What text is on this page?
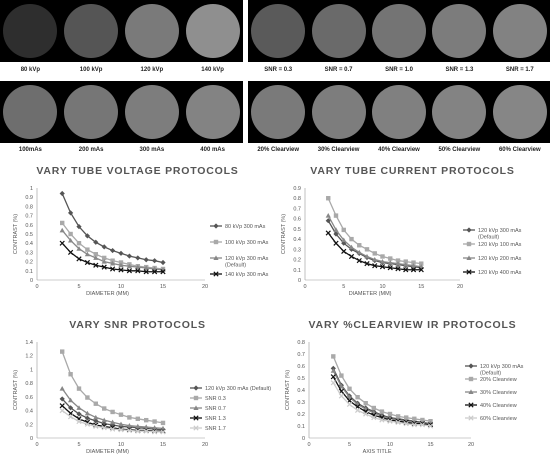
80 kVp	100 kVp	120 kVp	140 kVp	SNR = 0.3	SNR = 0.7	SNR = 1.0	SNR = 1.3	SNR = 1.7
100mAs	200 mAs	300 mAs	400 mAs	20% Clearview	30% Clearview	40% Clearview	50% Clearview	60% Clearview
VARY TUBE VOLTAGE PROTOCOLS
0
0.1
0.2
0.3
0.4
0.5
0.6
0.7
0.8
0.9
1
0	5	10	15	20
DIAMETER (MM)
CONTRAST (%)	80 kVp 300 mAs
100 kVp 300 mAs
120 kVp 300 mAs (Default)
140 kVp 300 mAs
VARY TUBE CURRENT PROTOCOLS
0
0.1
0.2
0.3
0.4
0.5
0.6
0.7
0.8
0.9
0	5	10	15	20
DIAMETER (MM)
CONTRAST (%)	120 kVp 300 mAs (Default)
120 kVp 100 mAs
120 kVp 200 mAs
120 kVp 400 mAs
VARY SNR PROTOCOLS
0
0.2
0.4
0.6
0.8
1
1.2
1.4
0	5	10	15	20
DIAMETER (MM)
CONTRAST (%)	120 kVp 300 mAs (Default)
SNR 0.3
SNR 0.7
SNR 1.3
SNR 1.7
VARY %CLEARVIEW IR PROTOCOLS
0
0.1
0.2
0.3
0.4
0.5
0.6
0.7
0.8
0	5	10	15	20
AXIS TITLE
CONTRAST (%)
120 kVp 300 mAs (Default)
20% Clearview
30% Clearview
40% Clearview
60% Clearview
